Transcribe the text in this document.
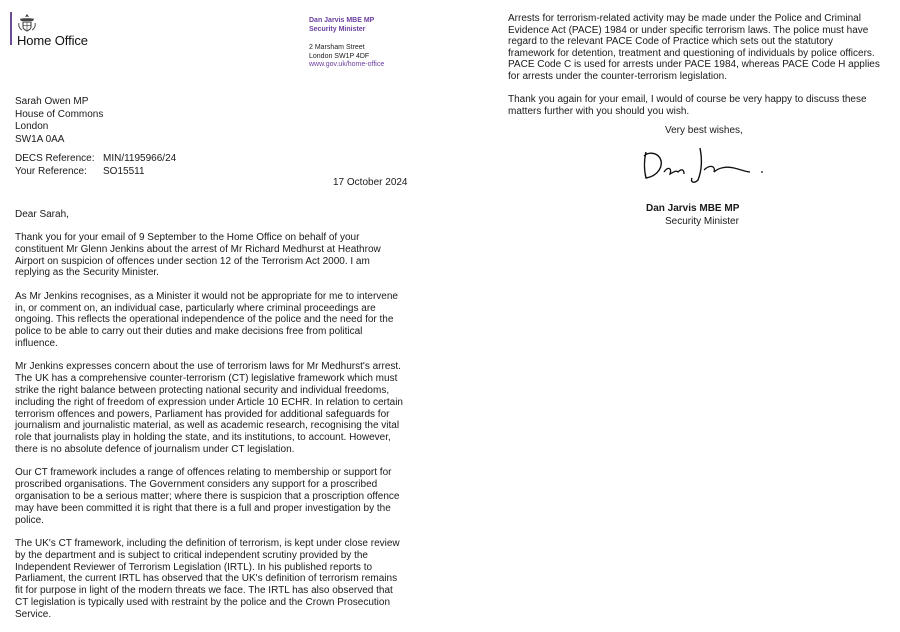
Home Office
Dan Jarvis MBE MP
Security Minister
2 Marsham Street
London SW1P 4DF
www.gov.uk/home-office
Sarah Owen MP
House of Commons
London
SW1A 0AA
DECS Reference: MIN/1195966/24
Your Reference:	SO15511
17 October 2024
Dear Sarah,

Thank you for your email of 9 September to the Home Office on behalf of your constituent Mr Glenn Jenkins about the arrest of Mr Richard Medhurst at Heathrow Airport on suspicion of offences under section 12 of the Terrorism Act 2000. I am replying as the Security Minister.

As Mr Jenkins recognises, as a Minister it would not be appropriate for me to intervene in, or comment on, an individual case, particularly where criminal proceedings are ongoing. This reflects the operational independence of the police and the need for the police to be able to carry out their duties and make decisions free from political influence.

Mr Jenkins expresses concern about the use of terrorism laws for Mr Medhurst's arrest. The UK has a comprehensive counter-terrorism (CT) legislative framework which must strike the right balance between protecting national security and individual freedoms, including the right of freedom of expression under Article 10 ECHR. In relation to certain terrorism offences and powers, Parliament has provided for additional safeguards for journalism and journalistic material, as well as academic research, recognising the vital role that journalists play in holding the state, and its institutions, to account. However, there is no absolute defence of journalism under CT legislation.

Our CT framework includes a range of offences relating to membership or support for proscribed organisations. The Government considers any support for a proscribed organisation to be a serious matter; where there is suspicion that a proscription offence may have been committed it is right that there is a full and proper investigation by the police.

The UK's CT framework, including the definition of terrorism, is kept under close review by the department and is subject to critical independent scrutiny provided by the Independent Reviewer of Terrorism Legislation (IRTL). In his published reports to Parliament, the current IRTL has observed that the UK's definition of terrorism remains fit for purpose in light of the modern threats we face. The IRTL has also observed that CT legislation is typically used with restraint by the police and the Crown Prosecution Service.

Arrests for terrorism-related activity may be made under the Police and Criminal Evidence Act (PACE) 1984 or under specific terrorism laws. The police must have regard to the relevant PACE Code of Practice which sets out the statutory framework for detention, treatment and questioning of individuals by police officers. PACE Code C is used for arrests under PACE 1984, whereas PACE Code H applies for arrests under the counter-terrorism legislation.

Thank you again for your email, I would of course be very happy to discuss these matters further with you should you wish.

Very best wishes,
Dan Jarvis MBE MP
Security Minister
